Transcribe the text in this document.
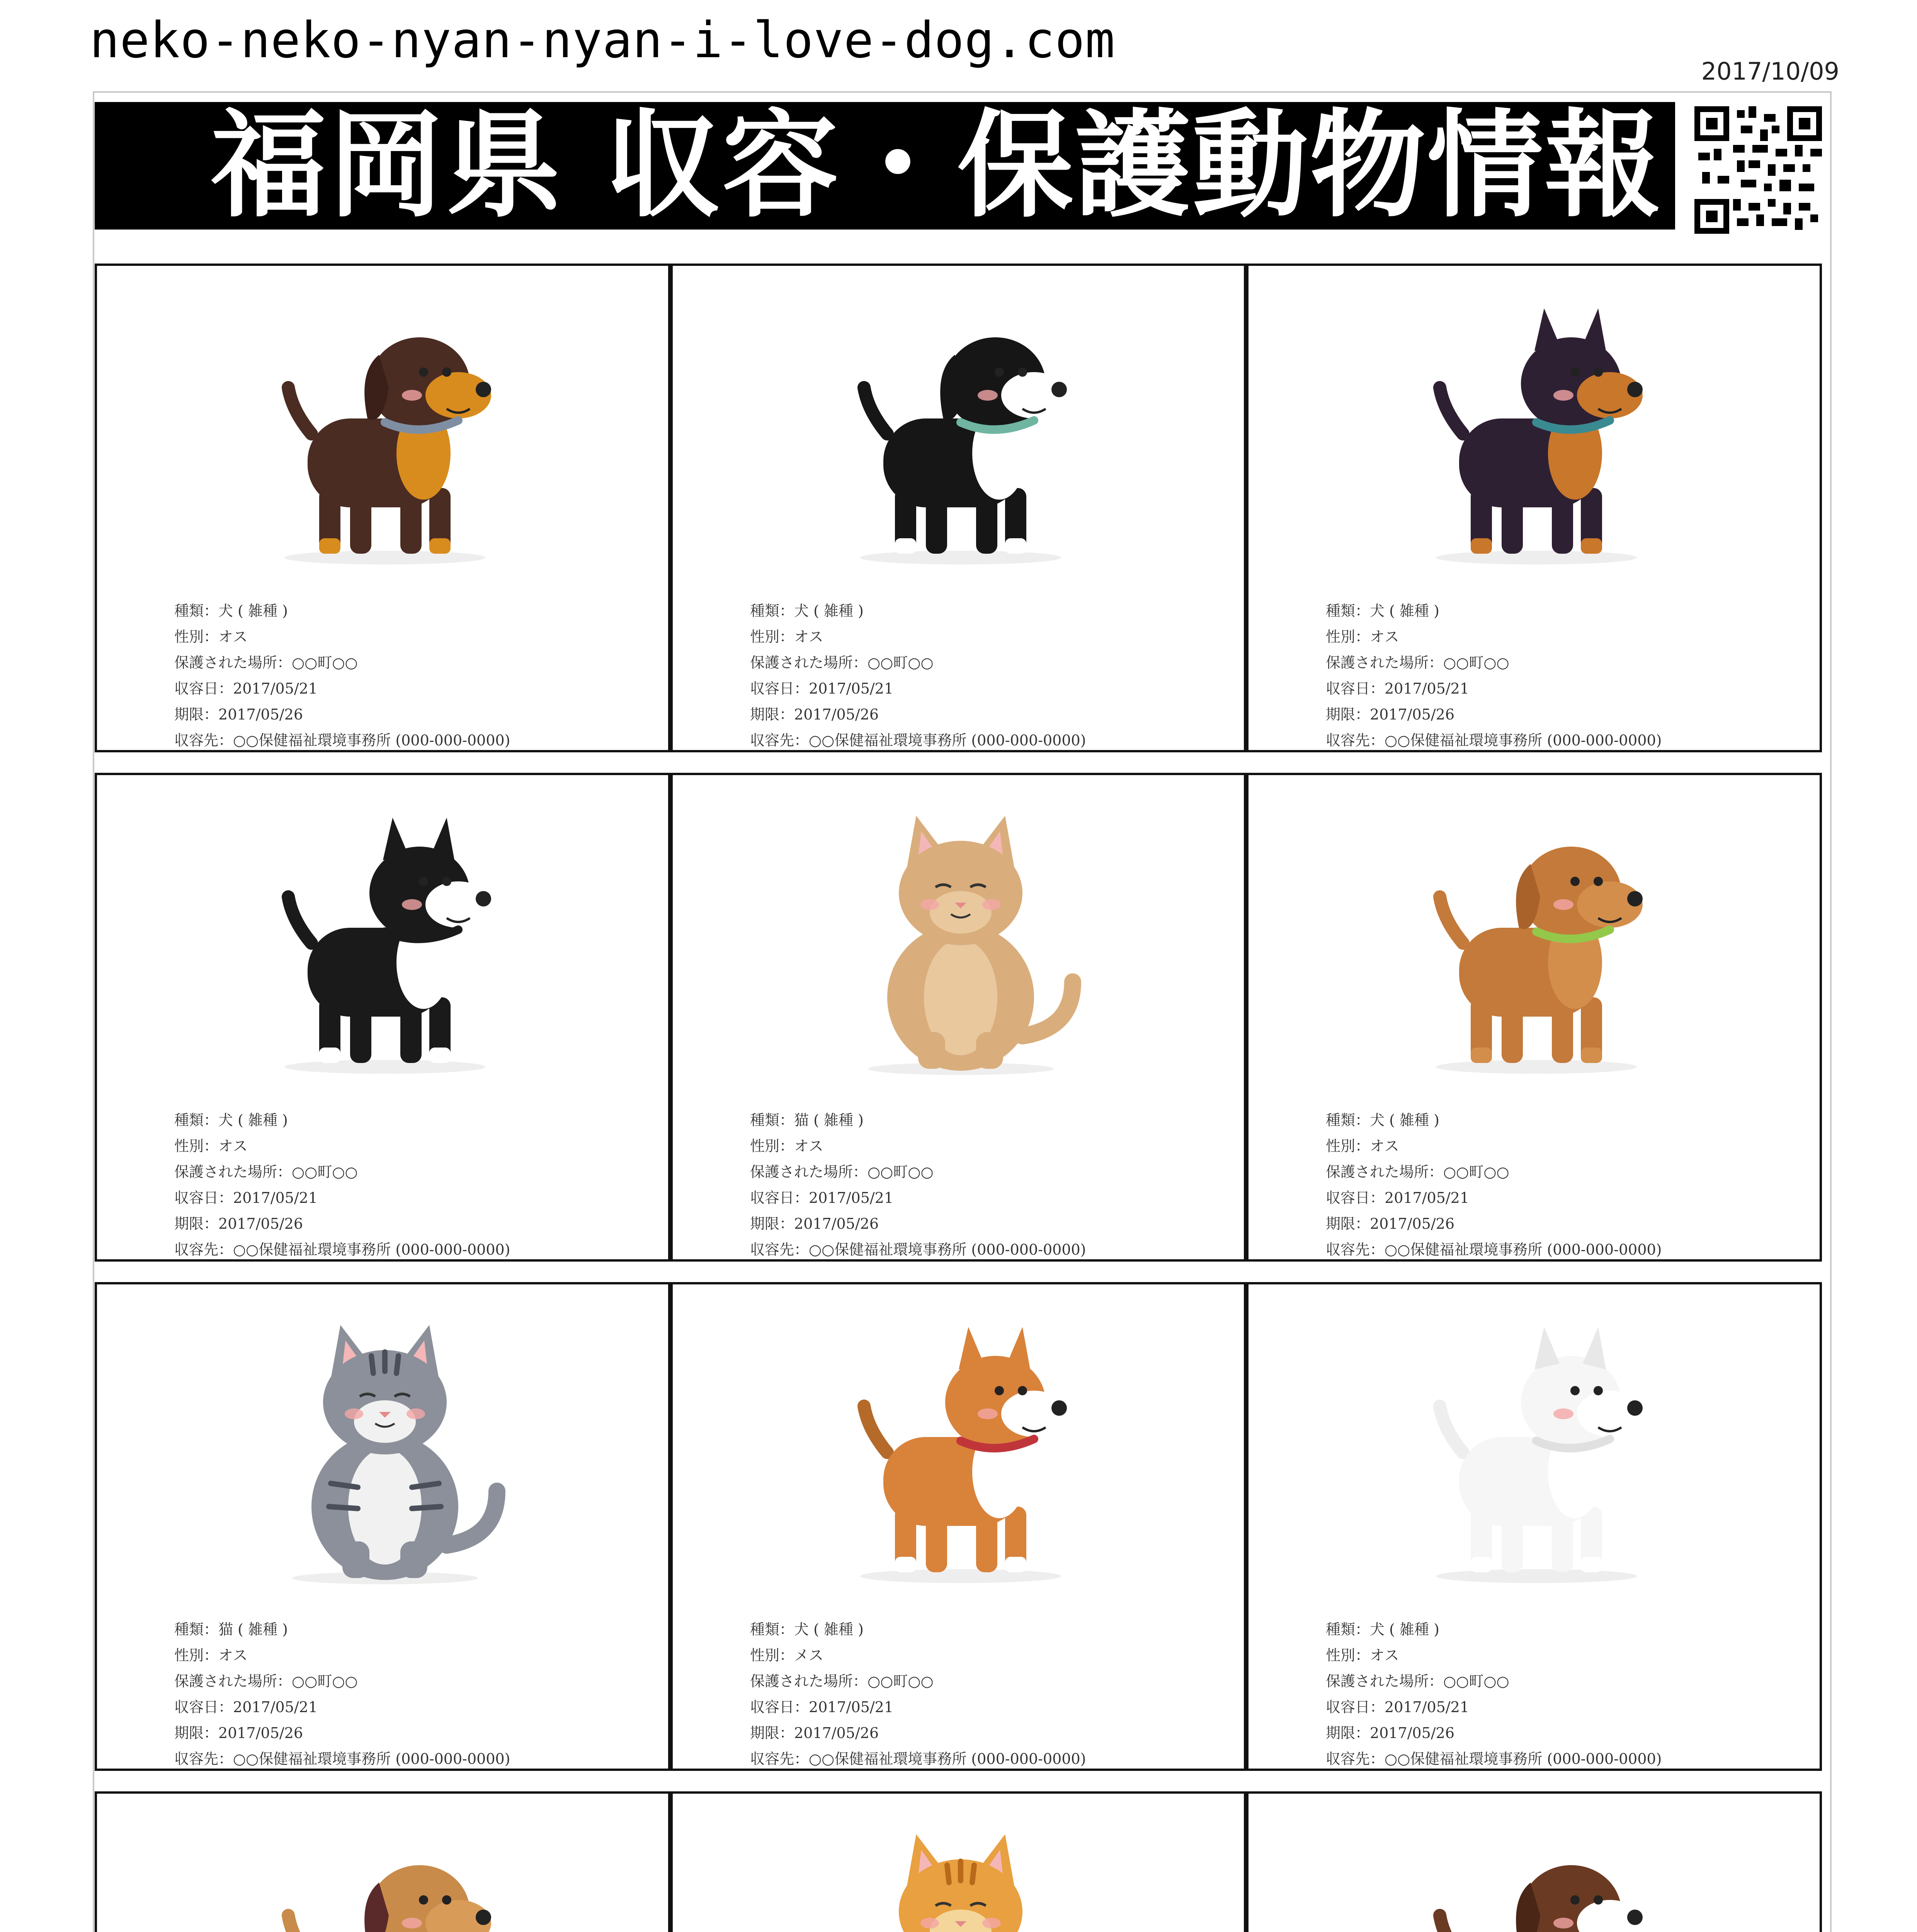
neko-neko-nyan-nyan-i-love-dog.com
2017/10/09
福岡県 収容・保護動物情報
種類：犬 ( 雑種 )
性別：オス
保護された場所：○○町○○
収容日：2017/05/21
期限：2017/05/26
収容先：○○保健福祉環境事務所 (000-000-0000)
種類：犬 ( 雑種 )
性別：オス
保護された場所：○○町○○
収容日：2017/05/21
期限：2017/05/26
収容先：○○保健福祉環境事務所 (000-000-0000)
種類：犬 ( 雑種 )
性別：オス
保護された場所：○○町○○
収容日：2017/05/21
期限：2017/05/26
収容先：○○保健福祉環境事務所 (000-000-0000)
種類：犬 ( 雑種 )
性別：オス
保護された場所：○○町○○
収容日：2017/05/21
期限：2017/05/26
収容先：○○保健福祉環境事務所 (000-000-0000)
種類：猫 ( 雑種 )
性別：オス
保護された場所：○○町○○
収容日：2017/05/21
期限：2017/05/26
収容先：○○保健福祉環境事務所 (000-000-0000)
種類：犬 ( 雑種 )
性別：オス
保護された場所：○○町○○
収容日：2017/05/21
期限：2017/05/26
収容先：○○保健福祉環境事務所 (000-000-0000)
種類：猫 ( 雑種 )
性別：オス
保護された場所：○○町○○
収容日：2017/05/21
期限：2017/05/26
収容先：○○保健福祉環境事務所 (000-000-0000)
種類：犬 ( 雑種 )
性別：メス
保護された場所：○○町○○
収容日：2017/05/21
期限：2017/05/26
収容先：○○保健福祉環境事務所 (000-000-0000)
種類：犬 ( 雑種 )
性別：オス
保護された場所：○○町○○
収容日：2017/05/21
期限：2017/05/26
収容先：○○保健福祉環境事務所 (000-000-0000)
